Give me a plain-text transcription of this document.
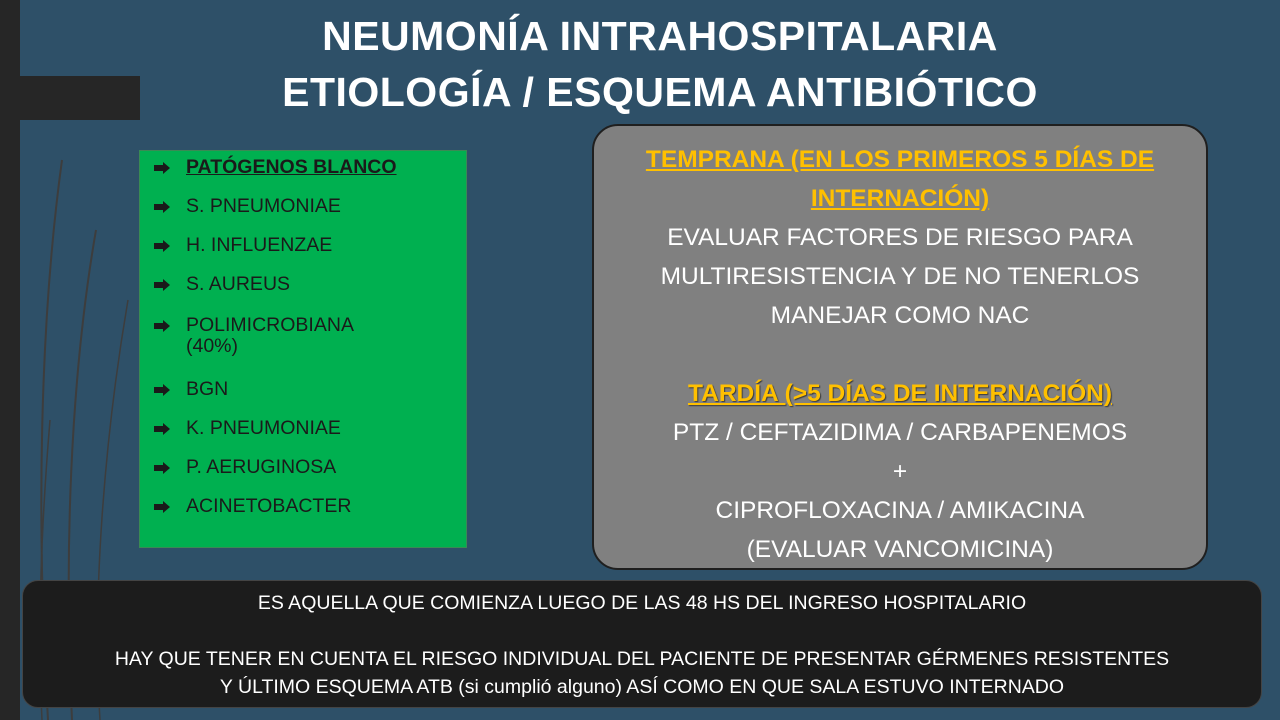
NEUMONÍA INTRAHOSPITALARIA
ETIOLOGÍA / ESQUEMA ANTIBIÓTICO
PATÓGENOS BLANCO
S. PNEUMONIAE
H. INFLUENZAE
S. AUREUS
POLIMICROBIANA (40%)
BGN
K. PNEUMONIAE
P. AERUGINOSA
ACINETOBACTER
TEMPRANA (EN LOS PRIMEROS 5 DÍAS DE
INTERNACIÓN)
EVALUAR FACTORES DE RIESGO PARA
MULTIRESISTENCIA Y DE NO TENERLOS
MANEJAR COMO NAC
TARDÍA (>5 DÍAS DE INTERNACIÓN)
PTZ / CEFTAZIDIMA / CARBAPENEMOS
+
CIPROFLOXACINA / AMIKACINA
(EVALUAR VANCOMICINA)
ES AQUELLA QUE COMIENZA LUEGO DE LAS 48 HS DEL INGRESO HOSPITALARIO
HAY QUE TENER EN CUENTA EL RIESGO INDIVIDUAL DEL PACIENTE DE PRESENTAR GÉRMENES RESISTENTES
Y ÚLTIMO ESQUEMA ATB (si cumplió alguno) ASÍ COMO EN QUE SALA ESTUVO INTERNADO
